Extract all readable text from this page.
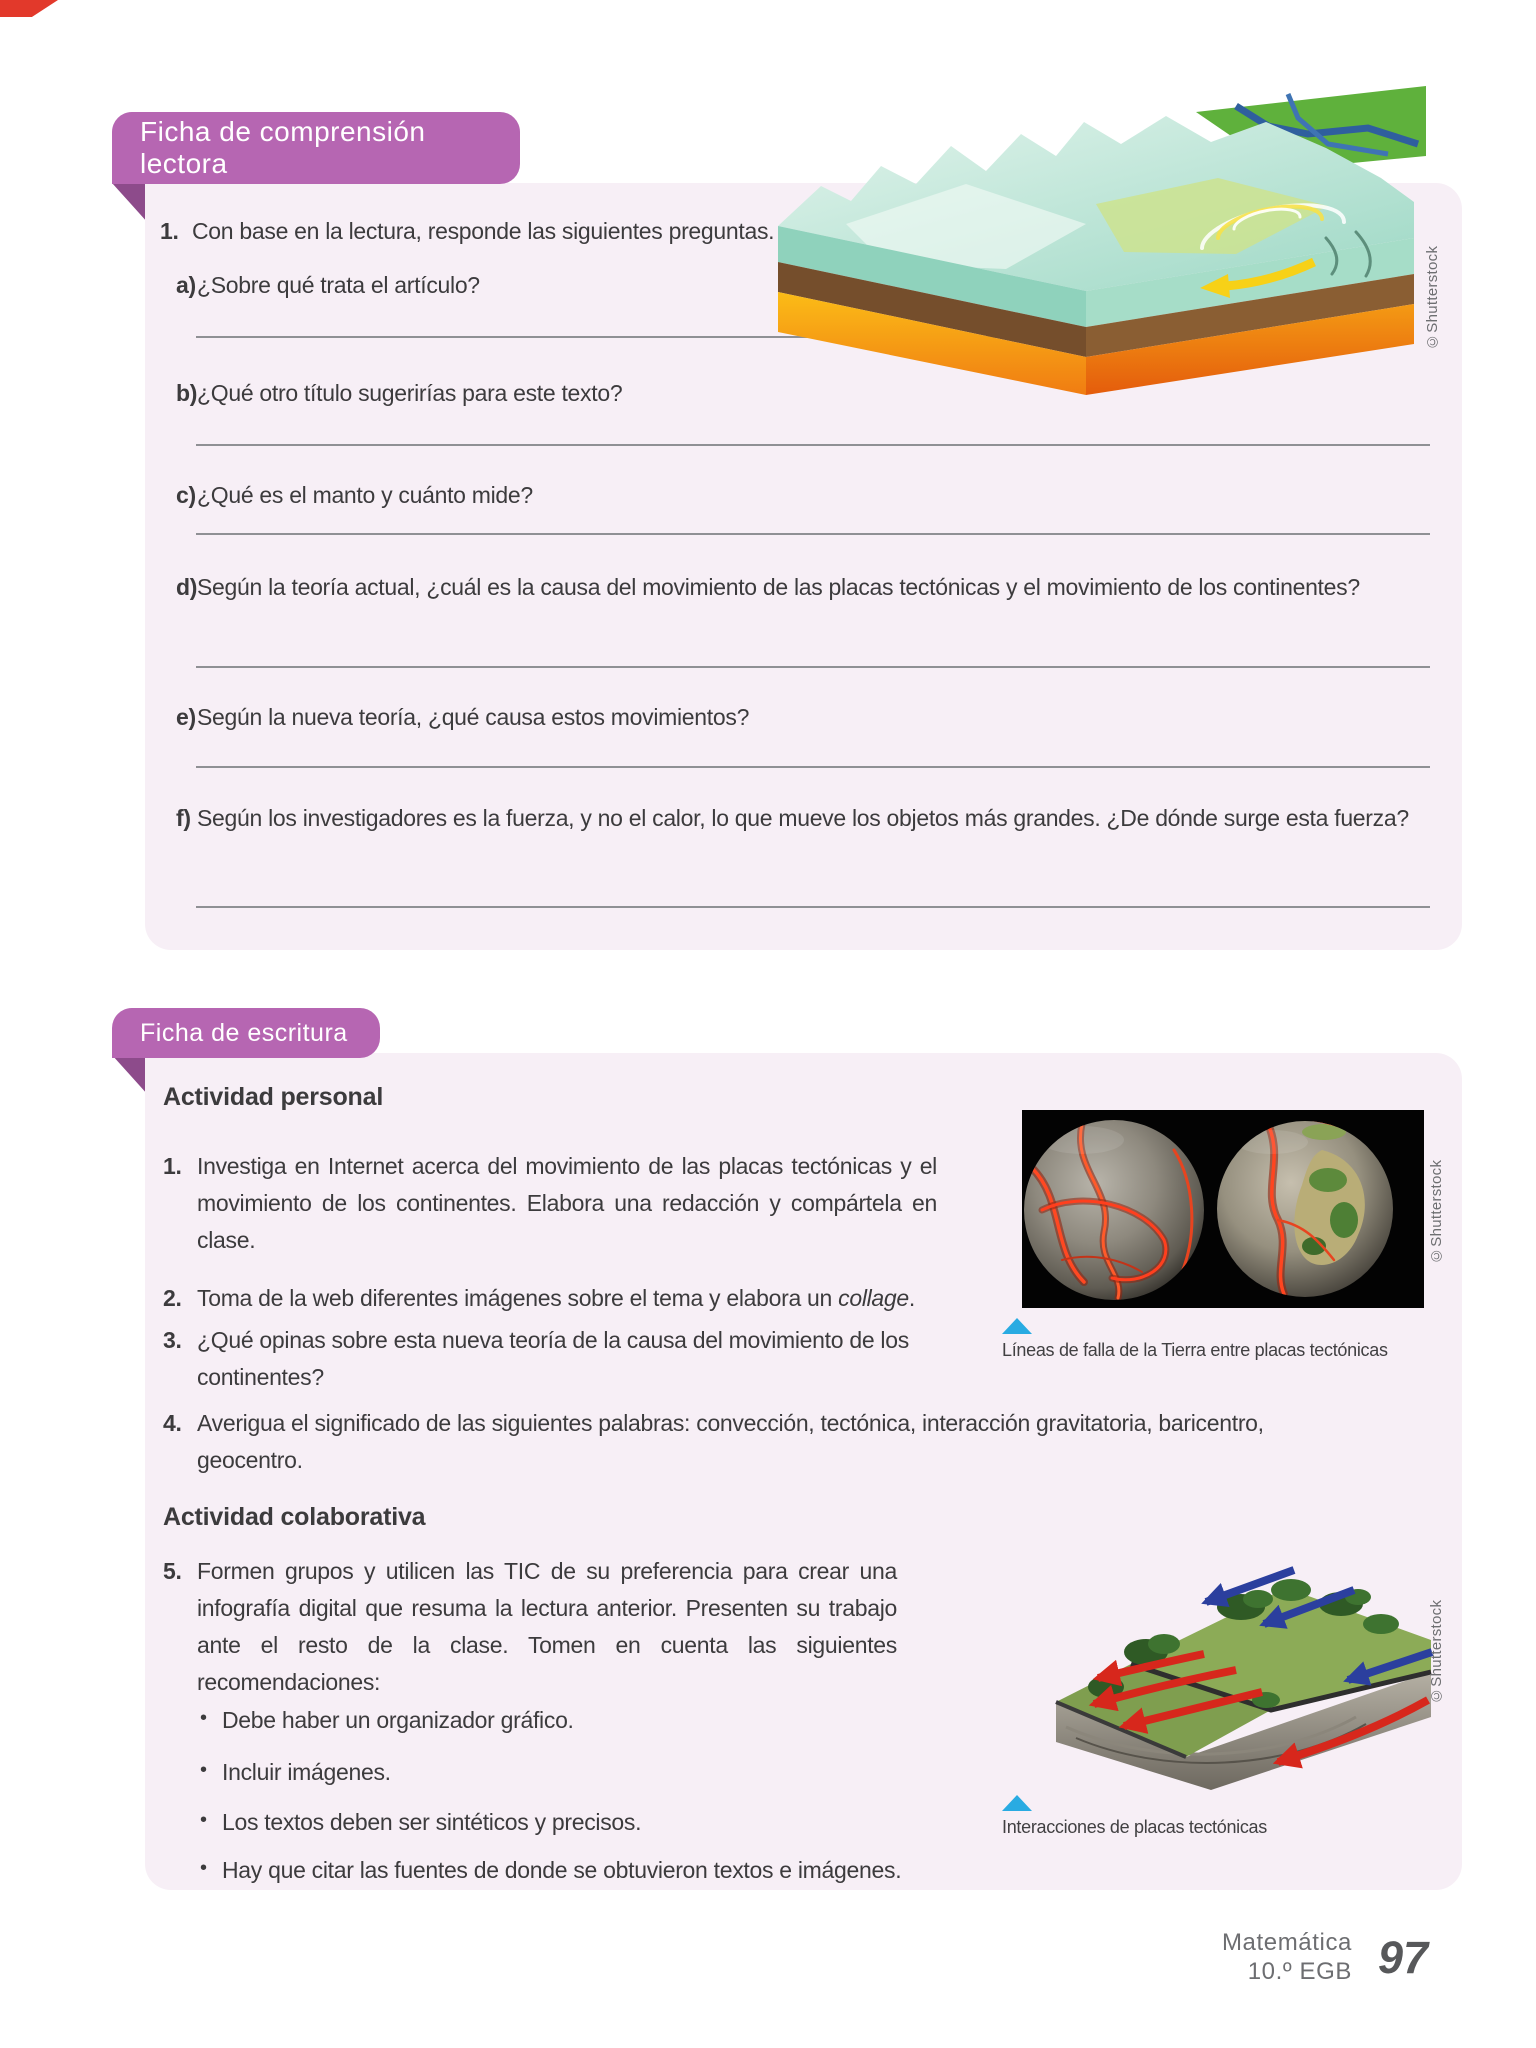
1. Con base en la lectura, responde las siguientes preguntas.
a) ¿Sobre qué trata el artículo?
b) ¿Qué otro título sugerirías para este texto?
c) ¿Qué es el manto y cuánto mide?
d) Según la teoría actual, ¿cuál es la causa del movimiento de las placas tectónicas y el movimiento de los continentes?
e) Según la nueva teoría, ¿qué causa estos movimientos?
f) Según los investigadores es la fuerza, y no el calor, lo que mueve los objetos más grandes. ¿De dónde surge esta fuerza?
Ficha de comprensión lectora
©Shutterstock
Actividad personal
1. Investiga en Internet acerca del movimiento de las placas tectónicas y el movimiento de los continentes. Elabora una redacción y compártela en clase.
2. Toma de la web diferentes imágenes sobre el tema y elabora un collage.
3. ¿Qué opinas sobre esta nueva teoría de la causa del movimiento de los continentes?
4. Averigua el significado de las siguientes palabras: convección, tectónica, interacción gravitatoria, baricentro, geocentro.
Actividad colaborativa
5. Formen grupos y utilicen las TIC de su preferencia para crear una infografía digital que resuma la lectura anterior. Presenten su trabajo ante el resto de la clase. Tomen en cuenta las siguientes recomendaciones:
• Debe haber un organizador gráfico.
• Incluir imágenes.
• Los textos deben ser sintéticos y precisos.
• Hay que citar las fuentes de donde se obtuvieron textos e imágenes.
Ficha de escritura
©Shutterstock
Líneas de falla de la Tierra entre placas tectónicas
©Shutterstock
Interacciones de placas tectónicas
Matemática
10.º EGB 97
